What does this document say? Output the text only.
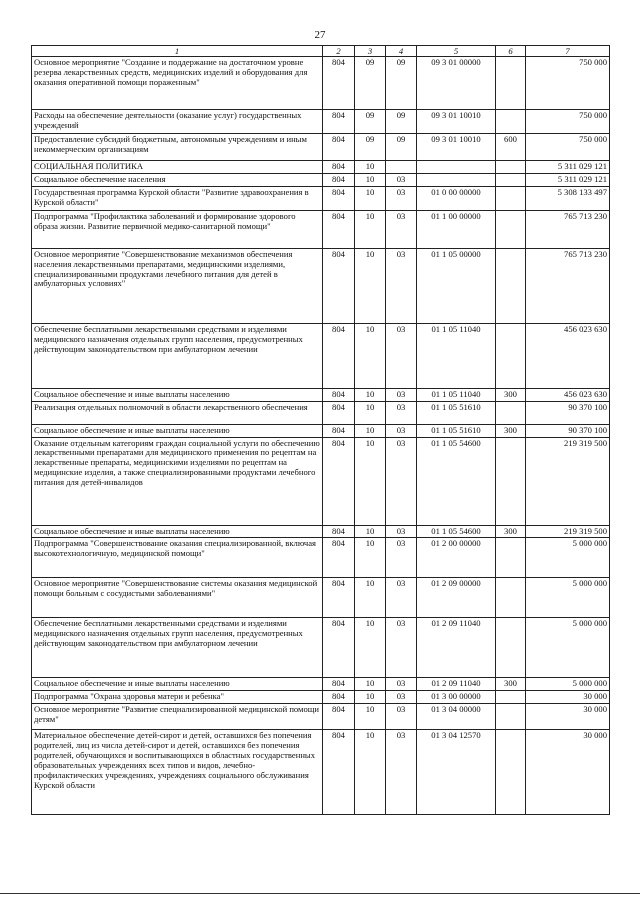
27
1	2	3	4	5	6	7
Основное мероприятие "Создание и поддержание на достаточном уровне резерва лекарственных средств, медицинских изделий и оборудования для оказания оперативной помощи пораженным"	804	09	09	09 3 01 00000		750 000
Расходы на обеспечение деятельности (оказание услуг) государственных учреждений	804	09	09	09 3 01 10010		750 000
Предоставление субсидий бюджетным, автономным учреждениям и иным некоммерческим организациям	804	09	09	09 3 01 10010	600	750 000
СОЦИАЛЬНАЯ ПОЛИТИКА	804	10				5 311 029 121
Социальное обеспечение населения	804	10	03			5 311 029 121
Государственная программа Курской области "Развитие здравоохранения в Курской области"	804	10	03	01 0 00 00000		5 308 133 497
Подпрограмма "Профилактика заболеваний и формирование здорового образа жизни. Развитие первичной медико-санитарной помощи"	804	10	03	01 1 00 00000		765 713 230
Основное мероприятие "Совершенствование механизмов обеспечения населения лекарственными препаратами, медицинскими изделиями, специализированными продуктами лечебного питания для детей в амбулаторных условиях"	804	10	03	01 1 05 00000		765 713 230
Обеспечение бесплатными лекарственными средствами и изделиями медицинского назначения отдельных групп населения, предусмотренных действующим законодательством при амбулаторном лечении	804	10	03	01 1 05 11040		456 023 630
Социальное обеспечение и иные выплаты населению	804	10	03	01 1 05 11040	300	456 023 630
Реализация отдельных полномочий в области лекарственного обеспечения	804	10	03	01 1 05 51610		90 370 100
Социальное обеспечение и иные выплаты населению	804	10	03	01 1 05 51610	300	90 370 100
Оказание отдельным категориям граждан социальной услуги по обеспечению лекарственными препаратами для медицинского применения по рецептам на лекарственные препараты, медицинскими изделиями по рецептам на медицинские изделия, а также специализированными продуктами лечебного питания для детей-инвалидов	804	10	03	01 1 05 54600		219 319 500
Социальное обеспечение и иные выплаты населению	804	10	03	01 1 05 54600	300	219 319 500
Подпрограмма "Совершенствование оказания специализированной, включая высокотехнологичную, медицинской помощи"	804	10	03	01 2 00 00000		5 000 000
Основное мероприятие "Совершенствование системы оказания медицинской помощи больным с сосудистыми заболеваниями"	804	10	03	01 2 09 00000		5 000 000
Обеспечение бесплатными лекарственными средствами и изделиями медицинского назначения отдельных групп населения, предусмотренных действующим законодательством при амбулаторном лечении	804	10	03	01 2 09 11040		5 000 000
Социальное обеспечение и иные выплаты населению	804	10	03	01 2 09 11040	300	5 000 000
Подпрограмма "Охрана здоровья матери и ребенка"	804	10	03	01 3 00 00000		30 000
Основное мероприятие "Развитие специализированной медицинской помощи детям"	804	10	03	01 3 04 00000		30 000
Материальное обеспечение детей-сирот и детей, оставшихся без попечения родителей, лиц из числа детей-сирот и детей, оставшихся без попечения родителей, обучающихся и воспитывающихся в областных государственных образовательных учреждениях всех типов и видов, лечебно-профилактических учреждениях, учреждениях социального обслуживания Курской области	804	10	03	01 3 04 12570		30 000
